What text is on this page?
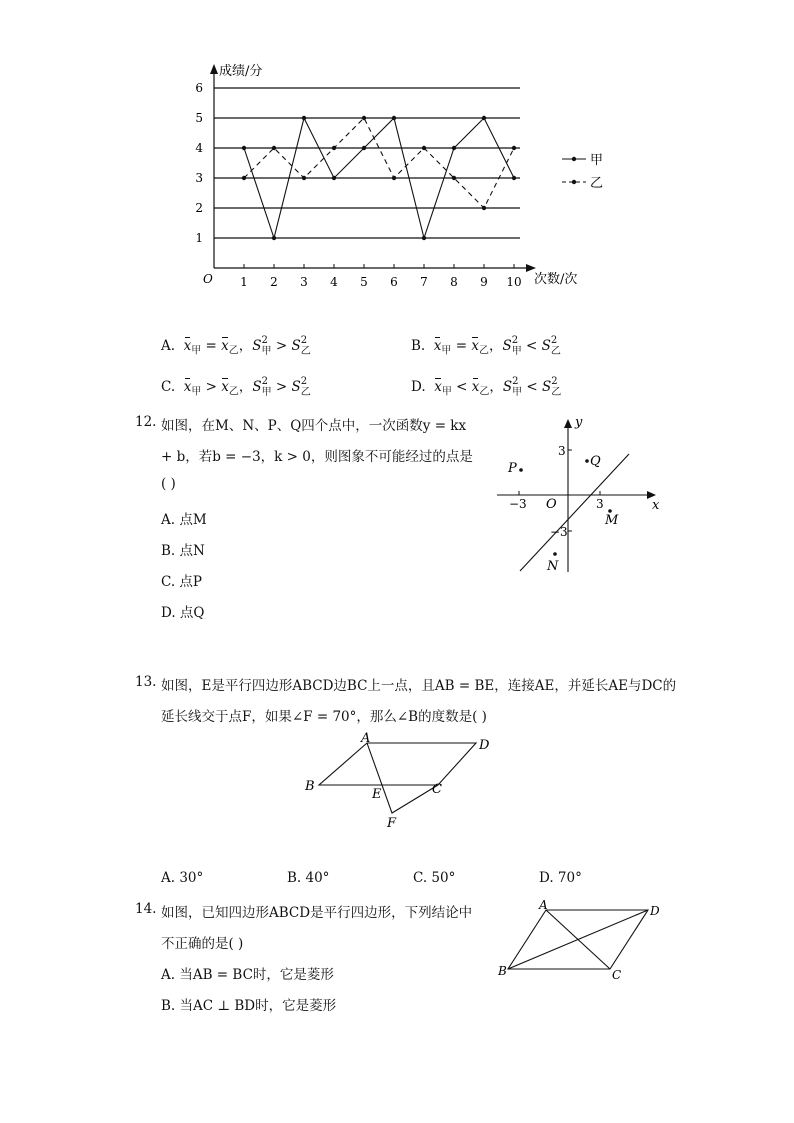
1 2 3 4 5 6 7 8 9 10
1
2
3
4
5
6
成绩/分
次数/次
O
甲
乙
A.
$x_甲$ =
$x_乙$，S 2
甲 > S 2
乙	B.
$x_甲$ =
$x_乙$，S 2
甲 < S 2
乙
C.
$x_甲$ >
$x_乙$，S 2
甲 > S 2
乙	D.
$x_甲$ <
$x_乙$，S 2
甲 < S 2
乙
12. 如图，在M、N、P、Q四个点中，一次函数y = kx
+ b，若b = −3，k > 0，则图象不可能经过的点是
( )
A. 点M
B. 点N
C. 点P
D. 点Q
x
y
O
3
−3	3
−3
P	Q
M
N
13. 如图，E是平行四边形ABCD边BC上一点，且AB = BE，连接AE，并延长AE与DC的
延长线交于点F，如果∠F = 70°，那么∠B的度数是( )
A	D
B
E	C
F
A. 30°	B. 40°	C. 50°	D. 70°
14. 如图，已知四边形ABCD是平行四边形，下列结论中
不正确的是( )
A. 当AB = BC时，它是菱形
B. 当AC ⊥ BD时，它是菱形
A	D
B	C
